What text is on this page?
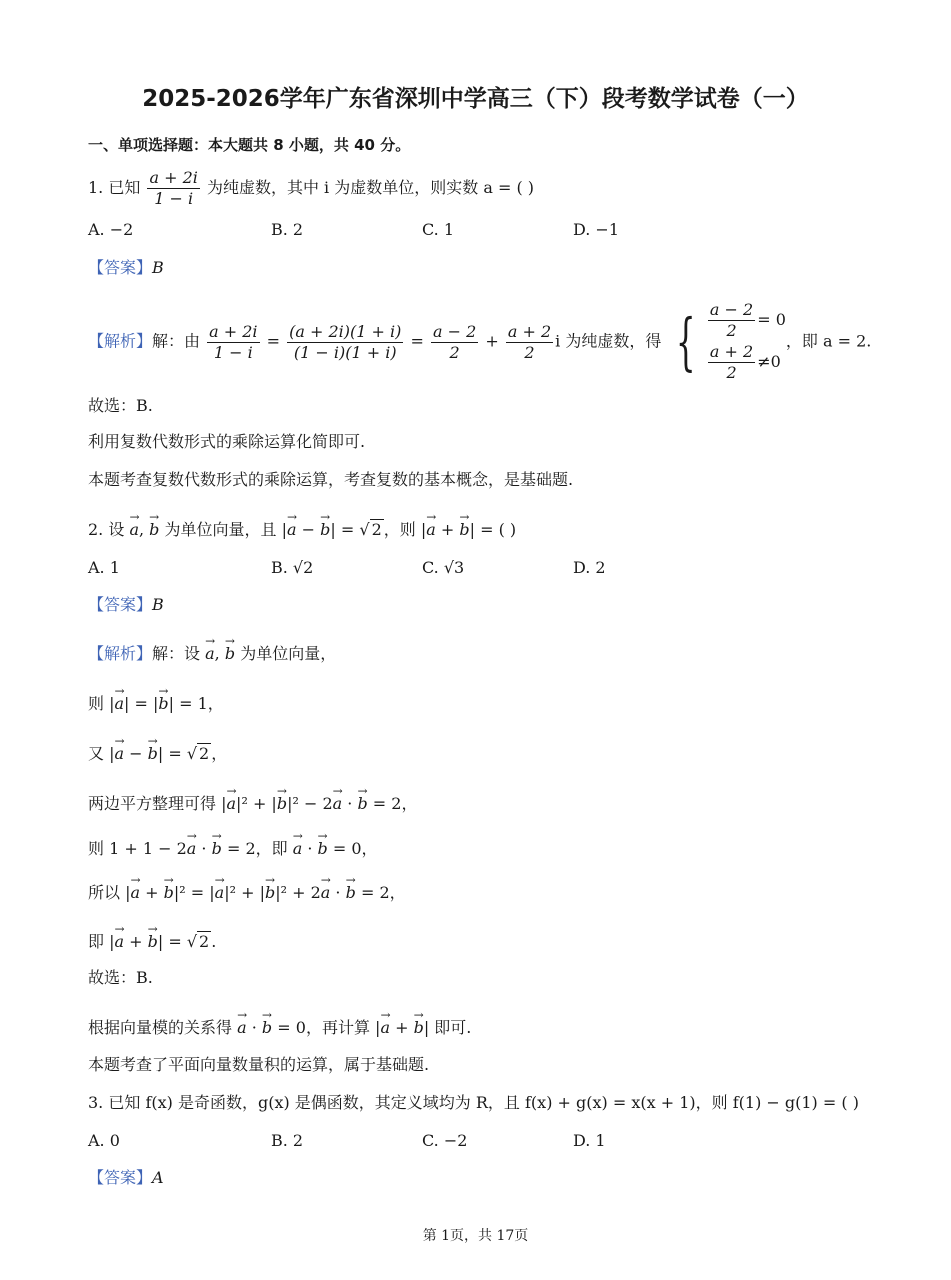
2025-2026学年广东省深圳中学高三（下）段考数学试卷（一）
一、单项选择题：本大题共 8 小题，共 40 分。
1. 已知 $\frac{a + 2i}{1 - i}$ 为纯虚数，其中 i 为虚数单位，则实数 a = ( )
A. −2	B. 2	C. 1	D. −1
【答案】B
【解析】解：由 $\frac{a + 2i}{1 - i} = \frac{(a + 2i)(1 + i)}{(1 - i)(1 + i)} = \frac{a - 2}{2} + \frac{a + 2}{2}$ i 为纯虚数，得 { $\frac{a - 2}{2} = 0$
$\frac{a + 2}{2} \ne 0$
，即 a = 2.
故选：B.
利用复数代数形式的乘除运算化简即可.
本题考查复数代数形式的乘除运算，考查复数的基本概念，是基础题.
2. 设 → a, → b 为单位向量，且 |→ a − → b| = √ 2 ，则 |→ a + → b| = ( )
A. 1	B. √2	C. √3	D. 2
【答案】B
【解析】解：设 → a, → b 为单位向量，
则 |→ a| = |→ b| = 1，
又 |→ a − → b| = √ 2 ，
两边平方整理可得 |→ a|² + |→ b|² − 2→ a · → b = 2，
则 1 + 1 − 2→ a · → b = 2，即 → a · → b = 0，
所以 |→ a + → b|² = |→ a|² + |→ b|² + 2→ a · → b = 2，
即 |→ a + → b| = √ 2 .
故选：B.
根据向量模的关系得 → a · → b = 0，再计算 |→ a + → b| 即可.
本题考查了平面向量数量积的运算，属于基础题.
3. 已知 f(x) 是奇函数，g(x) 是偶函数，其定义域均为 R，且 f(x) + g(x) = x(x + 1)，则 f(1) − g(1) = ( )
A. 0	B. 2	C. −2	D. 1
【答案】A
第 1页，共 17页
